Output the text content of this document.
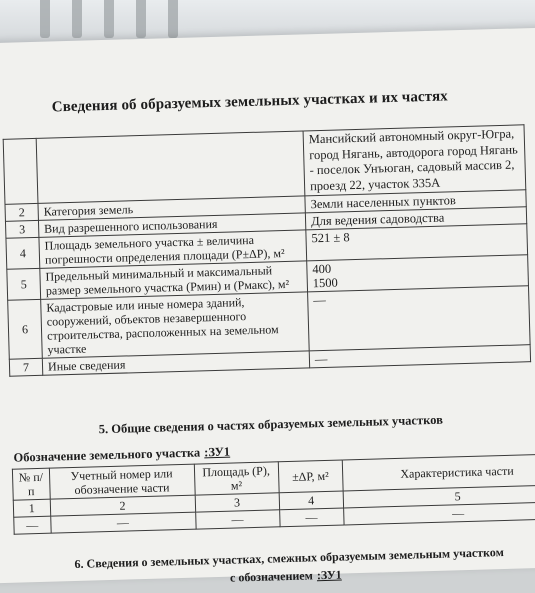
Сведения об образуемых земельных участках и их частях

		Мансийский автономный округ-Югра, город Нягань, автодорога город Нягань - поселок Унъюган, садовый массив 2, проезд 22, участок 335А

2	Категория земель	Земли населенных пунктов
3	Вид разрешенного использования	Для ведения садоводства
4	Площадь земельного участка ± величина погрешности определения площади (P±ΔP), м²	521 ± 8
5	Предельный минимальный и максимальный размер земельного участка (Рмин) и (Рмакс), м²	400
1500

6	Кадастровые или иные номера зданий, сооружений, объектов незавершенного строительства, расположенных на земельном участке	—
7	Иные сведения	—
5. Общие сведения о частях образуемых земельных участков
Обозначение земельного участка :ЗУ1
№ п/п	Учетный номер или обозначение части	Площадь (Р), м²	±ΔР, м²	Характеристика части
1	2	3	4	5
—	—	—	—	—
6. Сведения о земельных участках, смежных образуемым земельным участком
с обозначением :ЗУ1
